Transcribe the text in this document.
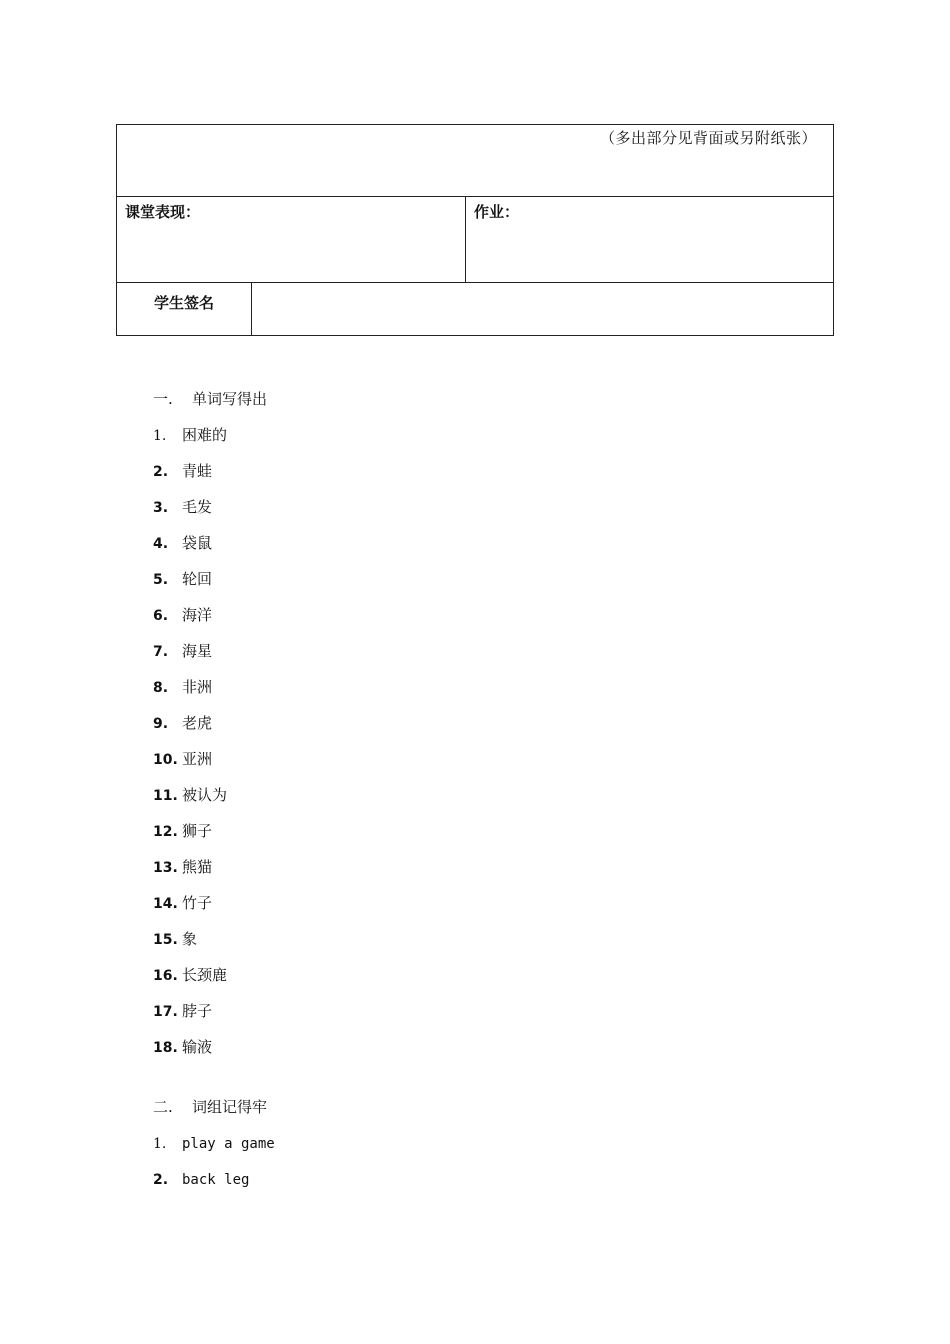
（多出部分见背面或另附纸张）
课堂表现：	作业：
学生签名
一. 单词写得出
1. 困难的
2. 青蛙
3. 毛发
4. 袋鼠
5. 轮回
6. 海洋
7. 海星
8. 非洲
9. 老虎
10. 亚洲
11. 被认为
12. 狮子
13. 熊猫
14. 竹子
15. 象
16. 长颈鹿
17. 脖子
18. 输液
二. 词组记得牢
1. play a game
2. back leg
